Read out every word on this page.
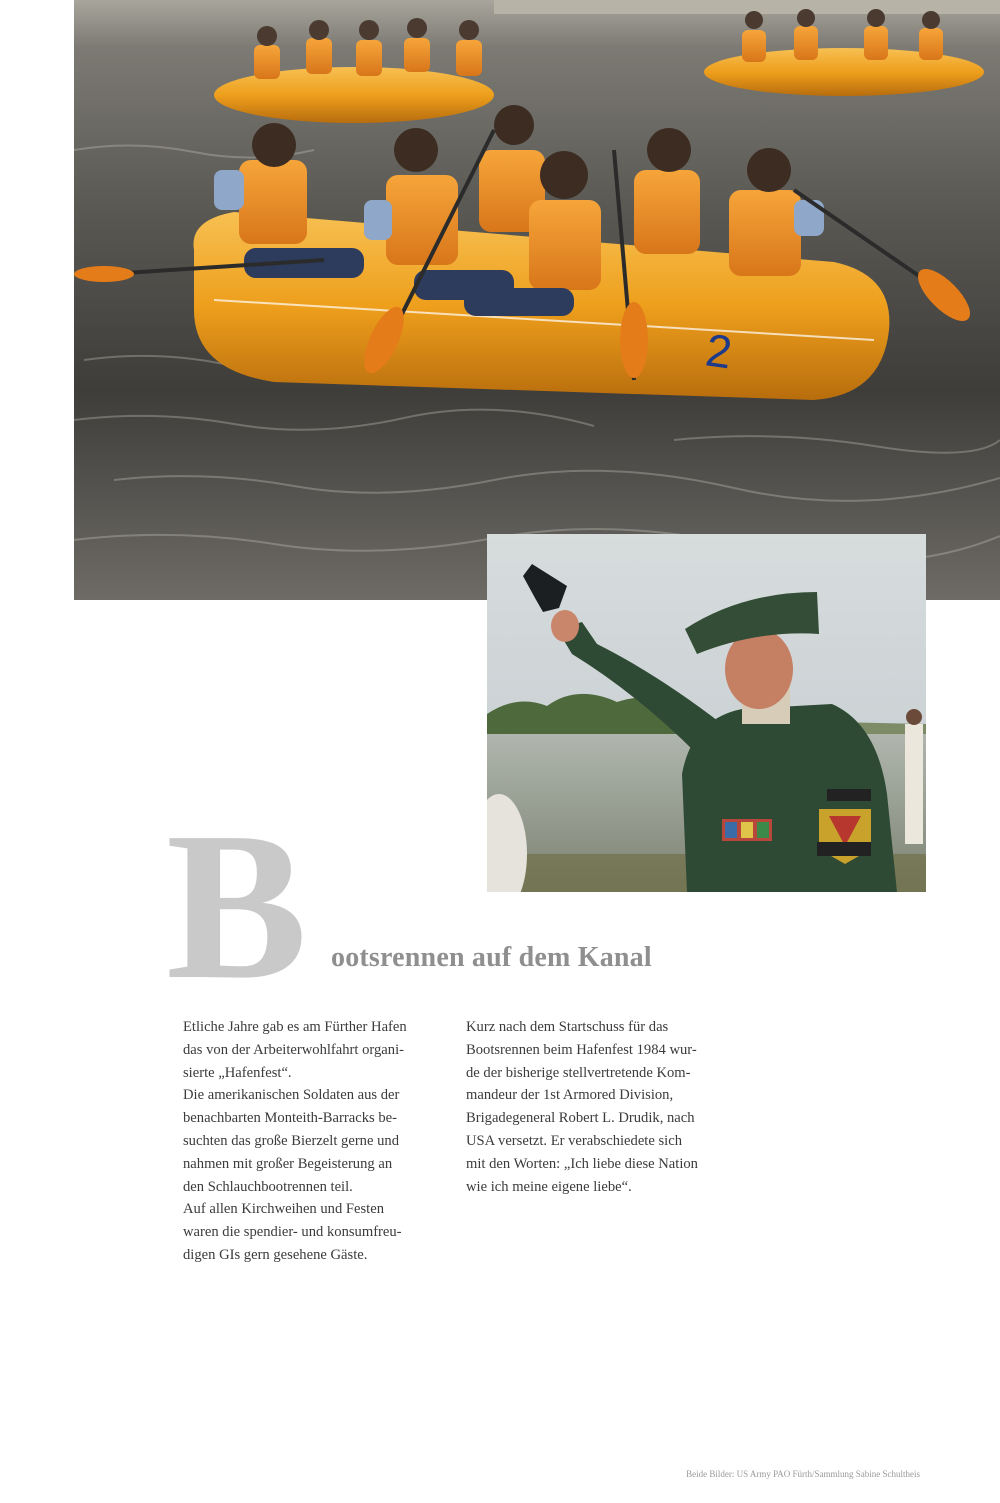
2
B ootsrennen auf dem Kanal

Etliche Jahre gab es am Fürther Hafen

das von der Arbeiterwohlfahrt organi-

sierte „Hafenfest“.

Die amerikanischen Soldaten aus der

benachbarten Monteith-Barracks be-

suchten das große Bierzelt gerne und

nahmen mit großer Begeisterung an

den Schlauchbootrennen teil.

Auf allen Kirchweihen und Festen

waren die spendier- und konsumfreu-

digen GIs gern gesehene Gäste.

Kurz nach dem Startschuss für das

Bootsrennen beim Hafenfest 1984 wur-

de der bisherige stellvertretende Kom-

mandeur der 1st Armored Division,

Brigadegeneral Robert L. Drudik, nach

USA versetzt. Er verabschiedete sich

mit den Worten: „Ich liebe diese Nation

wie ich meine eigene liebe“.

Beide Bilder: US Army PAO Fürth/Sammlung Sabine Schultheis
